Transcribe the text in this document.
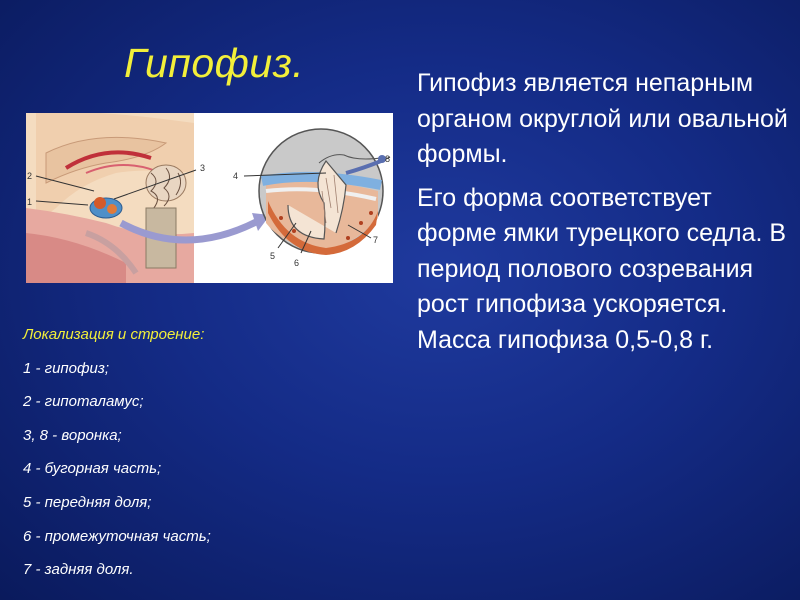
Гипофиз.
2
1
3
4
5
6
7
8
Локализация и строение:
1 - гипофиз;
2 - гипоталамус;
3, 8 - воронка;
4 - бугорная часть;
5 - передняя доля;
6 - промежуточная часть;
7 - задняя доля.

Гипофиз является непарным органом округлой или овальной формы.

Его форма соответствует форме ямки турецкого седла. В период полового созревания рост гипофиза ускоряется. Масса гипофиза 0,5-0,8 г.
